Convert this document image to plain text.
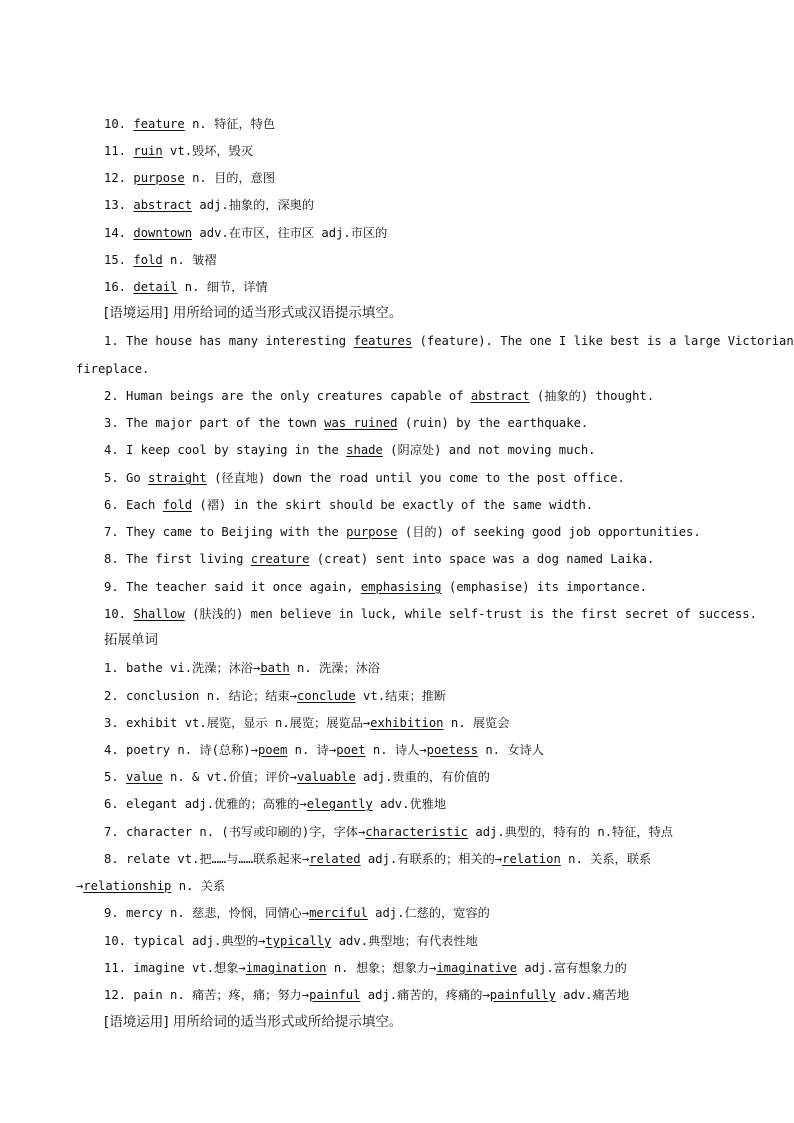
10. feature n. 特征，特色
11. ruin vt.毁坏，毁灭
12. purpose n. 目的，意图
13. abstract adj.抽象的，深奥的
14. downtown adv.在市区，往市区 adj.市区的
15. fold n. 皱褶
16. detail n. 细节，详情
[语境运用] 用所给词的适当形式或汉语提示填空。
1. The house has many interesting features (feature). The one I like best is a large Victorian
fireplace.
2. Human beings are the only creatures capable of abstract (抽象的) thought.
3. The major part of the town was ruined (ruin) by the earthquake.
4. I keep cool by staying in the shade (阴凉处) and not moving much.
5. Go straight (径直地) down the road until you come to the post office.
6. Each fold (褶) in the skirt should be exactly of the same width.
7. They came to Beijing with the purpose (目的) of seeking good job opportunities.
8. The first living creature (creat) sent into space was a dog named Laika.
9. The teacher said it once again, emphasising (emphasise) its importance.
10. Shallow (肤浅的) men believe in luck, while self-trust is the first secret of success.
拓展单词
1. bathe vi.洗澡；沐浴→bath n. 洗澡；沐浴
2. conclusion n. 结论；结束→conclude vt.结束；推断
3. exhibit vt.展览，显示 n.展览；展览品→exhibition n. 展览会
4. poetry n. 诗(总称)→poem n. 诗→poet n. 诗人→poetess n. 女诗人
5. value n. & vt.价值；评价→valuable adj.贵重的，有价值的
6. elegant adj.优雅的；高雅的→elegantly adv.优雅地
7. character n. (书写或印刷的)字，字体→characteristic adj.典型的，特有的 n.特征，特点
8. relate vt.把……与……联系起来→related adj.有联系的；相关的→relation n. 关系，联系
→relationship n. 关系
9. mercy n. 慈悲，怜悯，同情心→merciful adj.仁慈的，宽容的
10. typical adj.典型的→typically adv.典型地；有代表性地
11. imagine vt.想象→imagination n. 想象；想象力→imaginative adj.富有想象力的
12. pain n. 痛苦；疼，痛；努力→painful adj.痛苦的，疼痛的→painfully adv.痛苦地
[语境运用] 用所给词的适当形式或所给提示填空。
